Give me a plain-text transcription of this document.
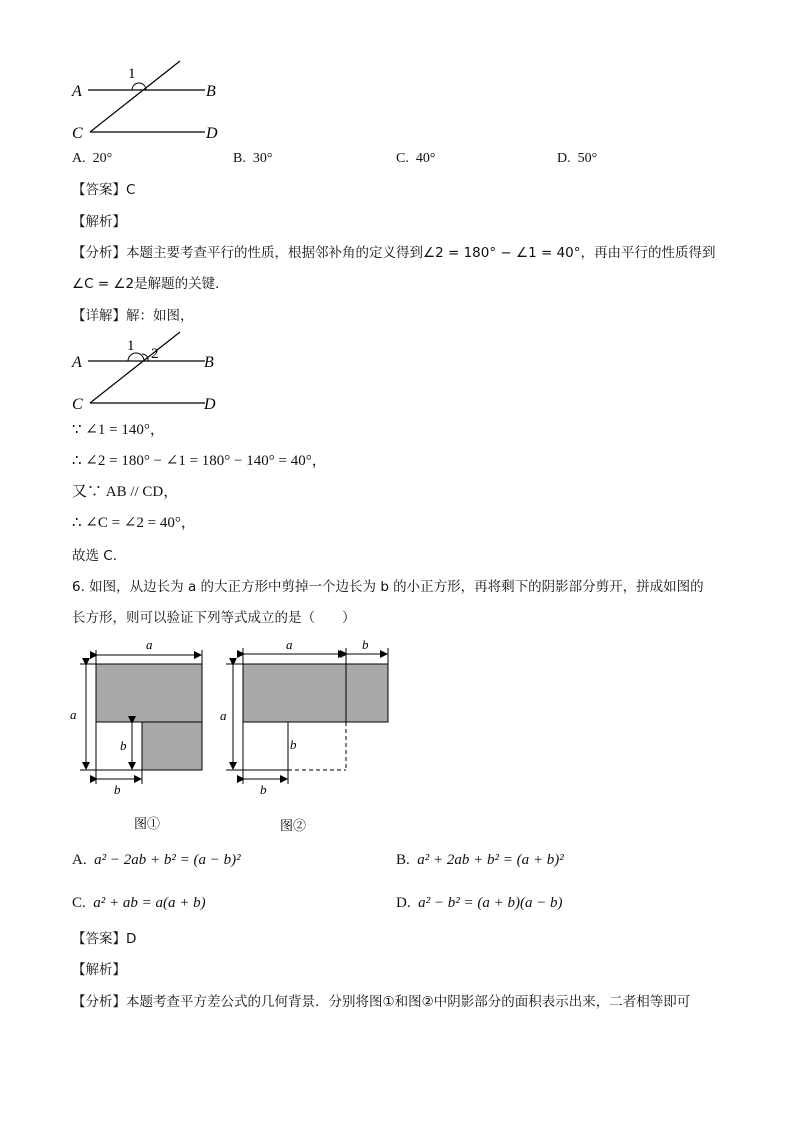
A	B
C	D
1
A. 20°	B. 30°	C. 40°	D. 50°
【答案】C
【解析】
【分析】本题主要考查平行的性质，根据邻补角的定义得到∠2 = 180° − ∠1 = 40°，再由平行的性质得到
∠C = ∠2是解题的关键．
【详解】解：如图，
A	B
C	D
1 2
∵ ∠1 = 140°，
∴ ∠2 = 180° − ∠1 = 180° − 140° = 40°，
又∵ AB // CD，
∴ ∠C = ∠2 = 40°，
故选 C．
6. 如图，从边长为 a 的大正方形中剪掉一个边长为 b 的小正方形，再将剩下的阴影部分剪开，拼成如图的
长方形，则可以验证下列等式成立的是（　　）
a
a
b
b
图①
a	b
a
b
b
图②
A. a² − 2ab + b² = (a − b)²	B. a² + 2ab + b² = (a + b)²
C. a² + ab = a(a + b)	D. a² − b² = (a + b)(a − b)
【答案】D
【解析】
【分析】本题考查平方差公式的几何背景．分别将图①和图②中阴影部分的面积表示出来，二者相等即可
